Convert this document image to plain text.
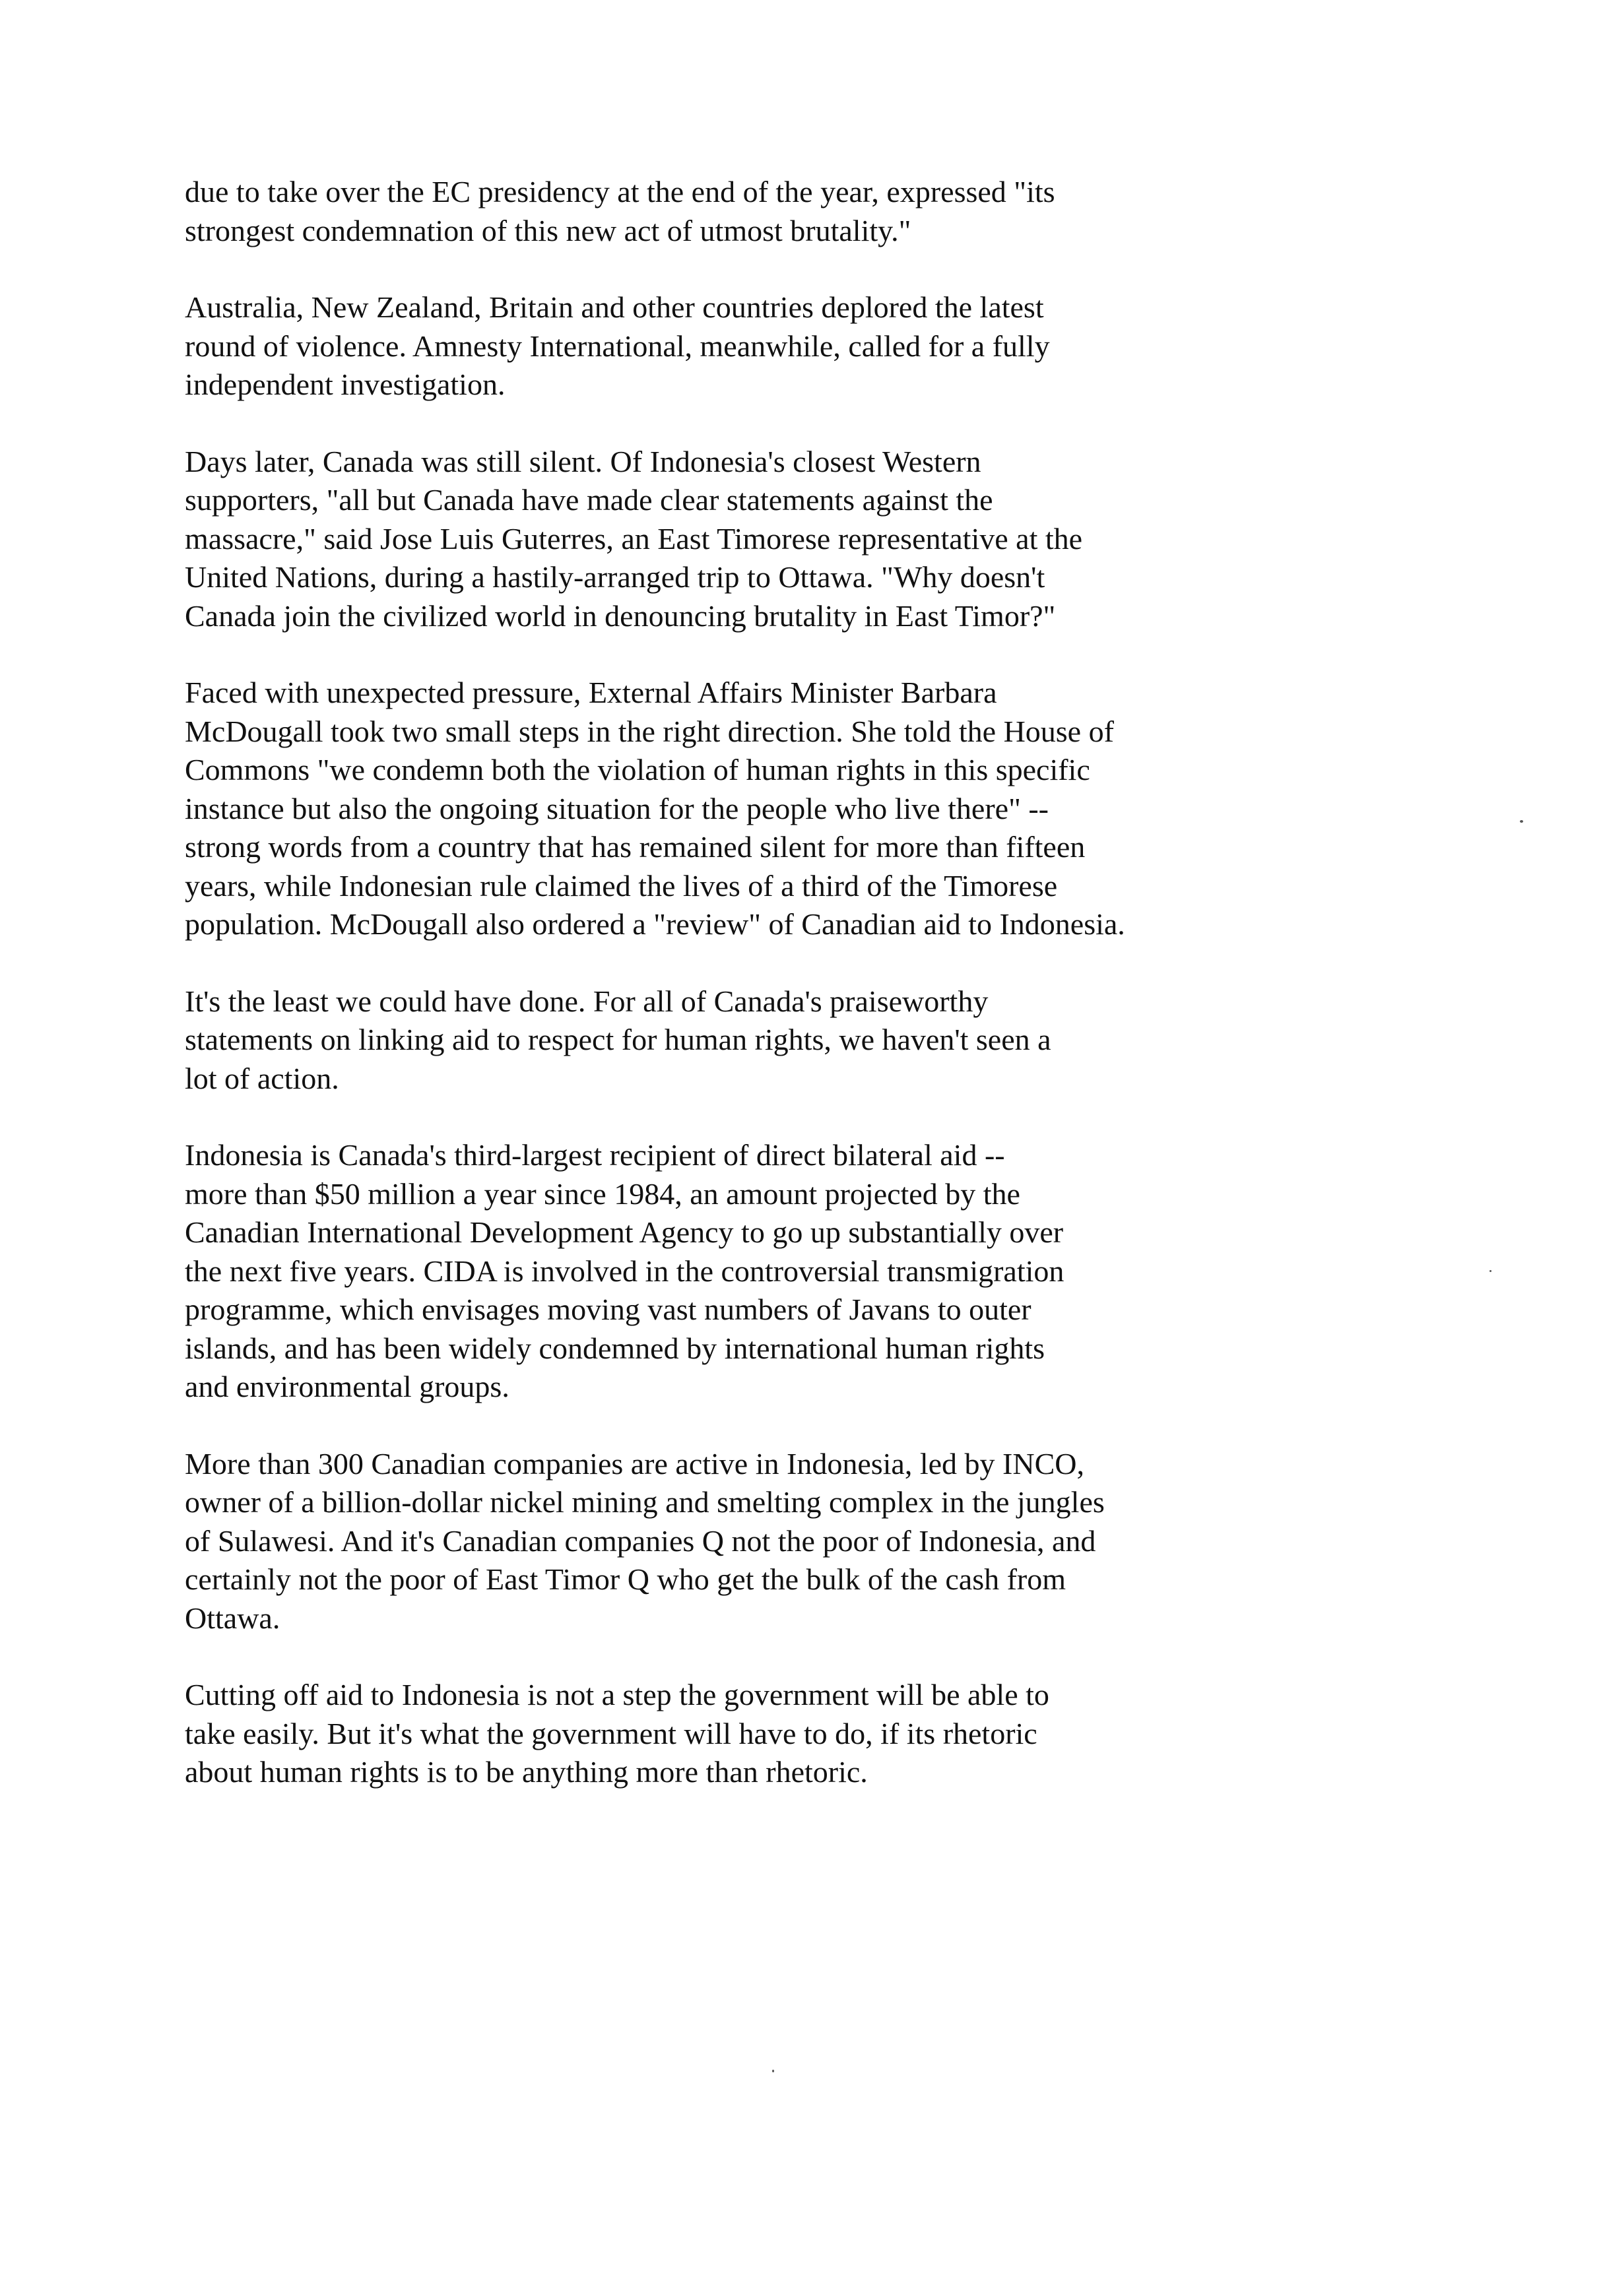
due to take over the EC presidency at the end of the year, expressed "its
strongest condemnation of this new act of utmost brutality."

Australia, New Zealand, Britain and other countries deplored the latest
round of violence. Amnesty International, meanwhile, called for a fully
independent investigation.

Days later, Canada was still silent. Of Indonesia's closest Western
supporters, "all but Canada have made clear statements against the
massacre," said Jose Luis Guterres, an East Timorese representative at the
United Nations, during a hastily-arranged trip to Ottawa. "Why doesn't
Canada join the civilized world in denouncing brutality in East Timor?"

Faced with unexpected pressure, External Affairs Minister Barbara
McDougall took two small steps in the right direction. She told the House of
Commons "we condemn both the violation of human rights in this specific
instance but also the ongoing situation for the people who live there" --
strong words from a country that has remained silent for more than fifteen
years, while Indonesian rule claimed the lives of a third of the Timorese
population. McDougall also ordered a "review" of Canadian aid to Indonesia.

It's the least we could have done. For all of Canada's praiseworthy
statements on linking aid to respect for human rights, we haven't seen a
lot of action.

Indonesia is Canada's third-largest recipient of direct bilateral aid --
more than $50 million a year since 1984, an amount projected by the
Canadian International Development Agency to go up substantially over
the next five years. CIDA is involved in the controversial transmigration
programme, which envisages moving vast numbers of Javans to outer
islands, and has been widely condemned by international human rights
and environmental groups.

More than 300 Canadian companies are active in Indonesia, led by INCO,
owner of a billion-dollar nickel mining and smelting complex in the jungles
of Sulawesi. And it's Canadian companies Q not the poor of Indonesia, and
certainly not the poor of East Timor Q who get the bulk of the cash from
Ottawa.

Cutting off aid to Indonesia is not a step the government will be able to
take easily. But it's what the government will have to do, if its rhetoric
about human rights is to be anything more than rhetoric.
